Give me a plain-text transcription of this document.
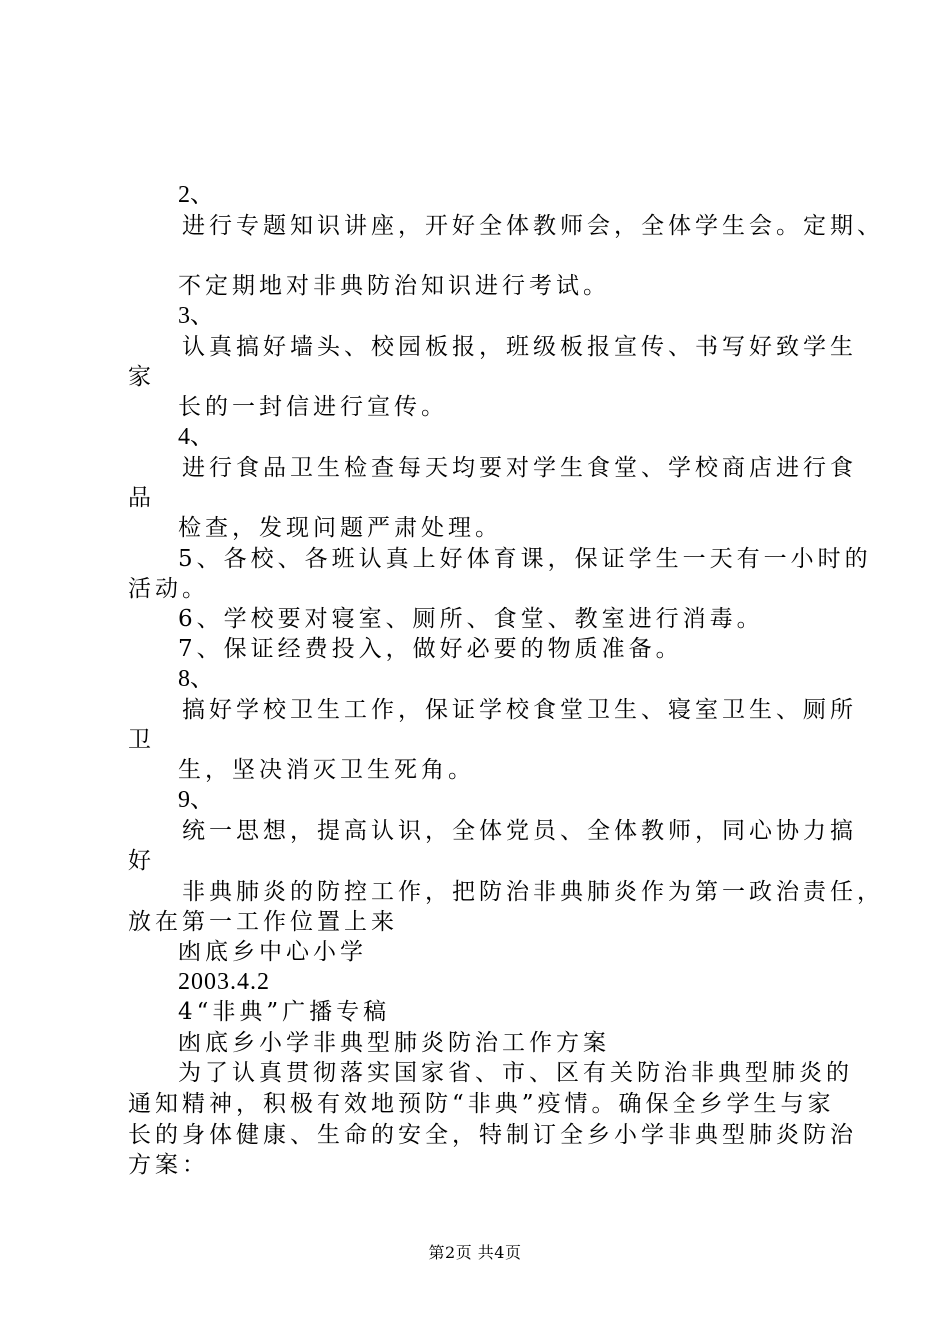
2、
进行专题知识讲座，开好全体教师会，全体学生会。定期、
不定期地对非典防治知识进行考试。
3、
认真搞好墙头、校园板报，班级板报宣传、书写好致学生
家
长的一封信进行宣传。
4、
进行食品卫生检查每天均要对学生食堂、学校商店进行食
品
检查，发现问题严肃处理。
5、各校、各班认真上好体育课，保证学生一天有一小时的
活动。
6、学校要对寝室、厕所、食堂、教室进行消毒。
7、保证经费投入，做好必要的物质准备。
8、
搞好学校卫生工作，保证学校食堂卫生、寝室卫生、厕所
卫
生，坚决消灭卫生死角。
9、
统一思想，提高认识，全体党员、全体教师，同心协力搞
好
非典肺炎的防控工作，把防治非典肺炎作为第一政治责任，
放在第一工作位置上来
凼底乡中心小学
2003.4.2
4“非典”广播专稿
凼底乡小学非典型肺炎防治工作方案
为了认真贯彻落实国家省、市、区有关防治非典型肺炎的
通知精神，积极有效地预防“非典”疫情。确保全乡学生与家
长的身体健康、生命的安全，特制订全乡小学非典型肺炎防治
方案：
第2页 共4页
